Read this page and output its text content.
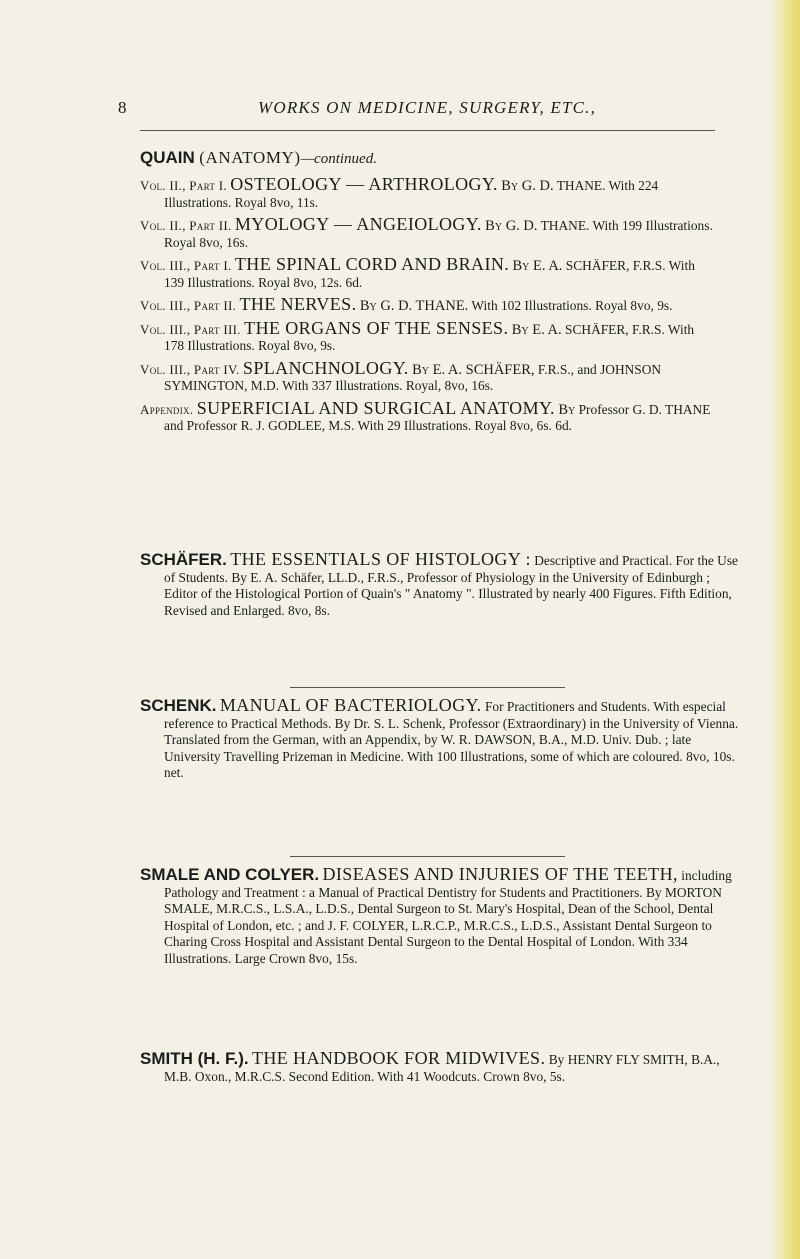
8	WORKS ON MEDICINE, SURGERY, ETC.,
QUAIN (ANATOMY)—continued.
Vol. II., Part I. OSTEOLOGY — ARTHROLOGY. By G. D. THANE. With 224 Illustrations. Royal 8vo, 11s.
Vol. II., Part II. MYOLOGY — ANGEIOLOGY. By G. D. THANE. With 199 Illustrations. Royal 8vo, 16s.
Vol. III., Part I. THE SPINAL CORD AND BRAIN. By E. A. SCHÄFER, F.R.S. With 139 Illustrations. Royal 8vo, 12s. 6d.
Vol. III., Part II. THE NERVES. By G. D. THANE. With 102 Illustrations. Royal 8vo, 9s.
Vol. III., Part III. THE ORGANS OF THE SENSES. By E. A. SCHÄFER, F.R.S. With 178 Illustrations. Royal 8vo, 9s.
Vol. III., Part IV. SPLANCHNOLOGY. By E. A. SCHÄFER, F.R.S., and JOHNSON SYMINGTON, M.D. With 337 Illustrations. Royal, 8vo, 16s.
Appendix. SUPERFICIAL AND SURGICAL ANATOMY. By Professor G. D. THANE and Professor R. J. GODLEE, M.S. With 29 Illustrations. Royal 8vo, 6s. 6d.
SCHÄFER. THE ESSENTIALS OF HISTOLOGY : Descriptive and Practical. For the Use of Students. By E. A. Schäfer, LL.D., F.R.S., Professor of Physiology in the University of Edinburgh ; Editor of the Histological Portion of Quain's " Anatomy ". Illustrated by nearly 400 Figures. Fifth Edition, Revised and Enlarged. 8vo, 8s.
SCHENK. MANUAL OF BACTERIOLOGY. For Practitioners and Students. With especial reference to Practical Methods. By Dr. S. L. Schenk, Professor (Extraordinary) in the University of Vienna. Translated from the German, with an Appendix, by W. R. DAWSON, B.A., M.D. Univ. Dub. ; late University Travelling Prizeman in Medicine. With 100 Illustrations, some of which are coloured. 8vo, 10s. net.
SMALE AND COLYER. DISEASES AND INJURIES OF THE TEETH, including Pathology and Treatment : a Manual of Practical Dentistry for Students and Practitioners. By MORTON SMALE, M.R.C.S., L.S.A., L.D.S., Dental Surgeon to St. Mary's Hospital, Dean of the School, Dental Hospital of London, etc. ; and J. F. COLYER, L.R.C.P., M.R.C.S., L.D.S., Assistant Dental Surgeon to Charing Cross Hospital and Assistant Dental Surgeon to the Dental Hospital of London. With 334 Illustrations. Large Crown 8vo, 15s.
SMITH (H. F.). THE HANDBOOK FOR MIDWIVES. By HENRY FLY SMITH, B.A., M.B. Oxon., M.R.C.S. Second Edition. With 41 Woodcuts. Crown 8vo, 5s.
